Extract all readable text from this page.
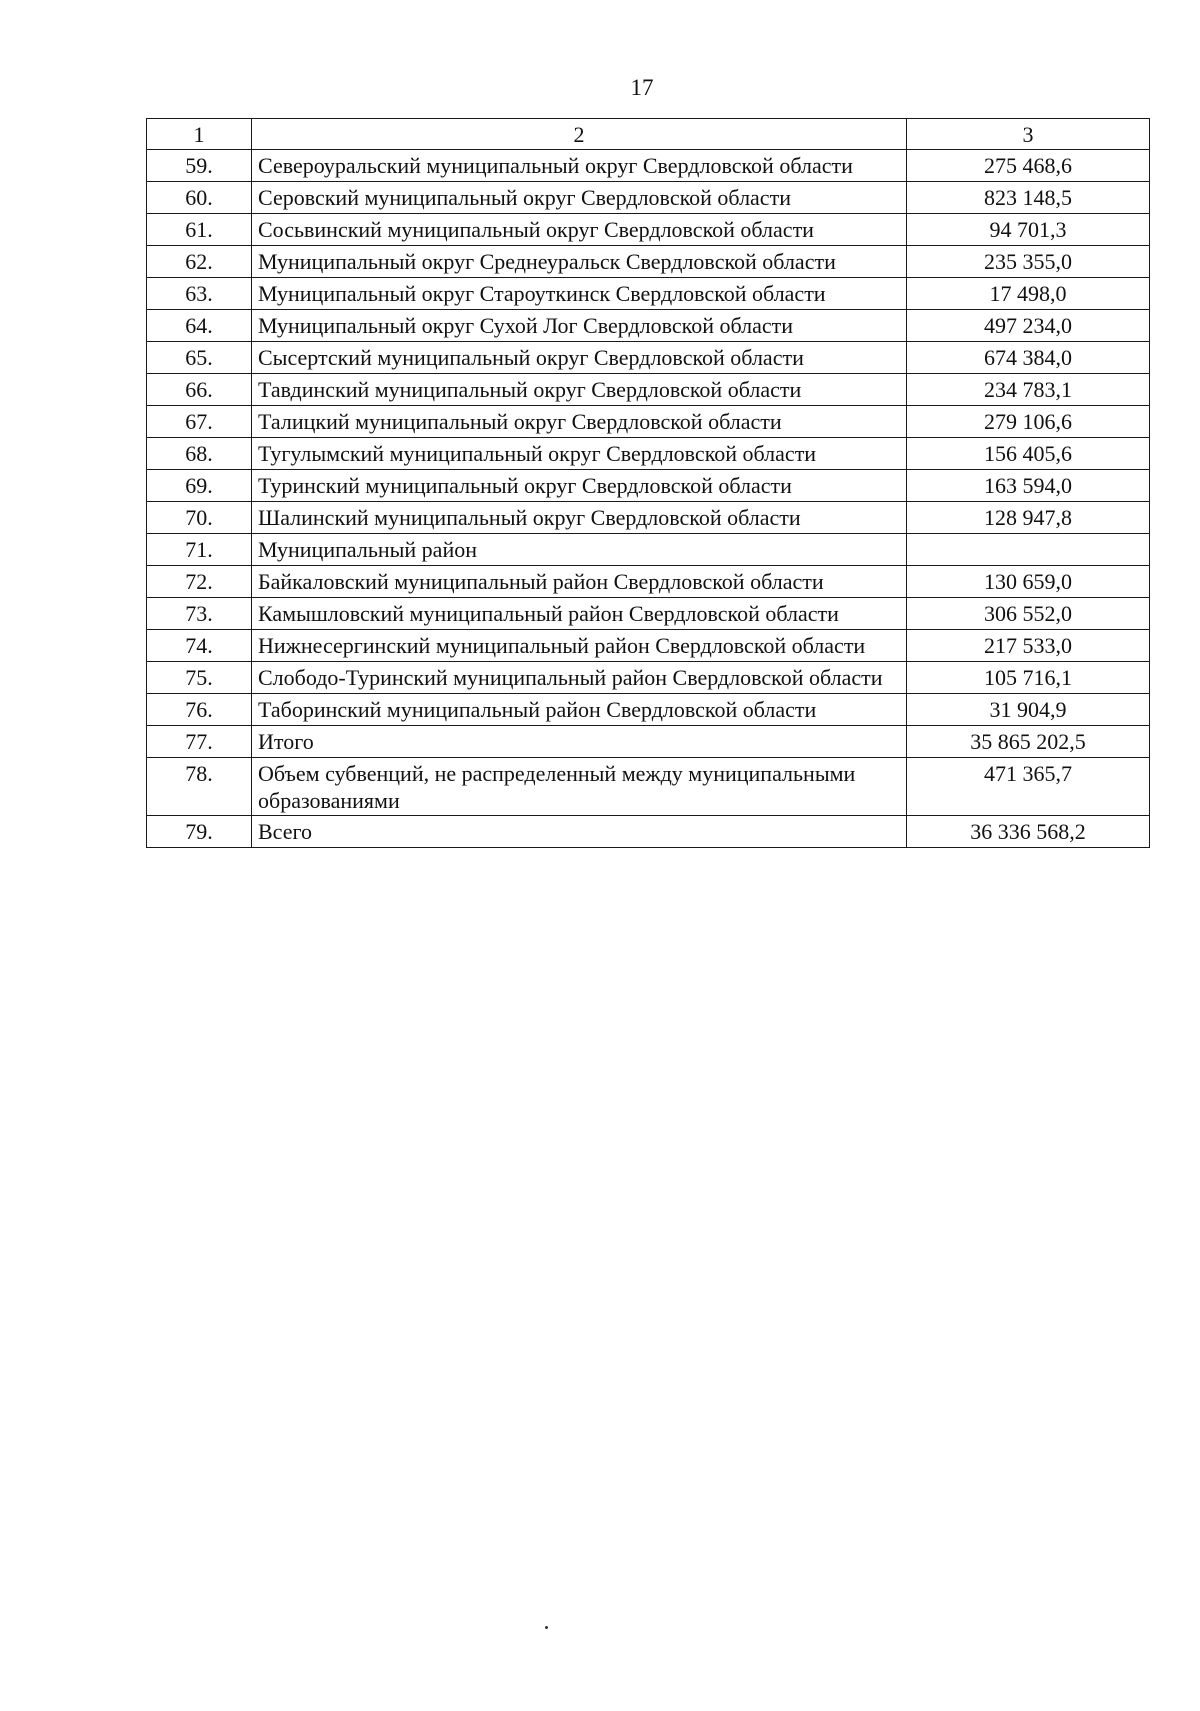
17
1	2	3
59.	Североуральский муниципальный округ Свердловской области	275 468,6
60.	Серовский муниципальный округ Свердловской области	823 148,5
61.	Сосьвинский муниципальный округ Свердловской области	94 701,3
62.	Муниципальный округ Среднеуральск Свердловской области	235 355,0
63.	Муниципальный округ Староуткинск Свердловской области	17 498,0
64.	Муниципальный округ Сухой Лог Свердловской области	497 234,0
65.	Сысертский муниципальный округ Свердловской области	674 384,0
66.	Тавдинский муниципальный округ Свердловской области	234 783,1
67.	Талицкий муниципальный округ Свердловской области	279 106,6
68.	Тугулымский муниципальный округ Свердловской области	156 405,6
69.	Туринский муниципальный округ Свердловской области	163 594,0
70.	Шалинский муниципальный округ Свердловской области	128 947,8
71.	Муниципальный район	
72.	Байкаловский муниципальный район Свердловской области	130 659,0
73.	Камышловский муниципальный район Свердловской области	306 552,0
74.	Нижнесергинский муниципальный район Свердловской области	217 533,0
75.	Слободо-Туринский муниципальный район Свердловской области	105 716,1
76.	Таборинский муниципальный район Свердловской области	31 904,9
77.	Итого	35 865 202,5
78.	Объем субвенций, не распределенный между муниципальными образованиями	471 365,7
79.	Всего	36 336 568,2
